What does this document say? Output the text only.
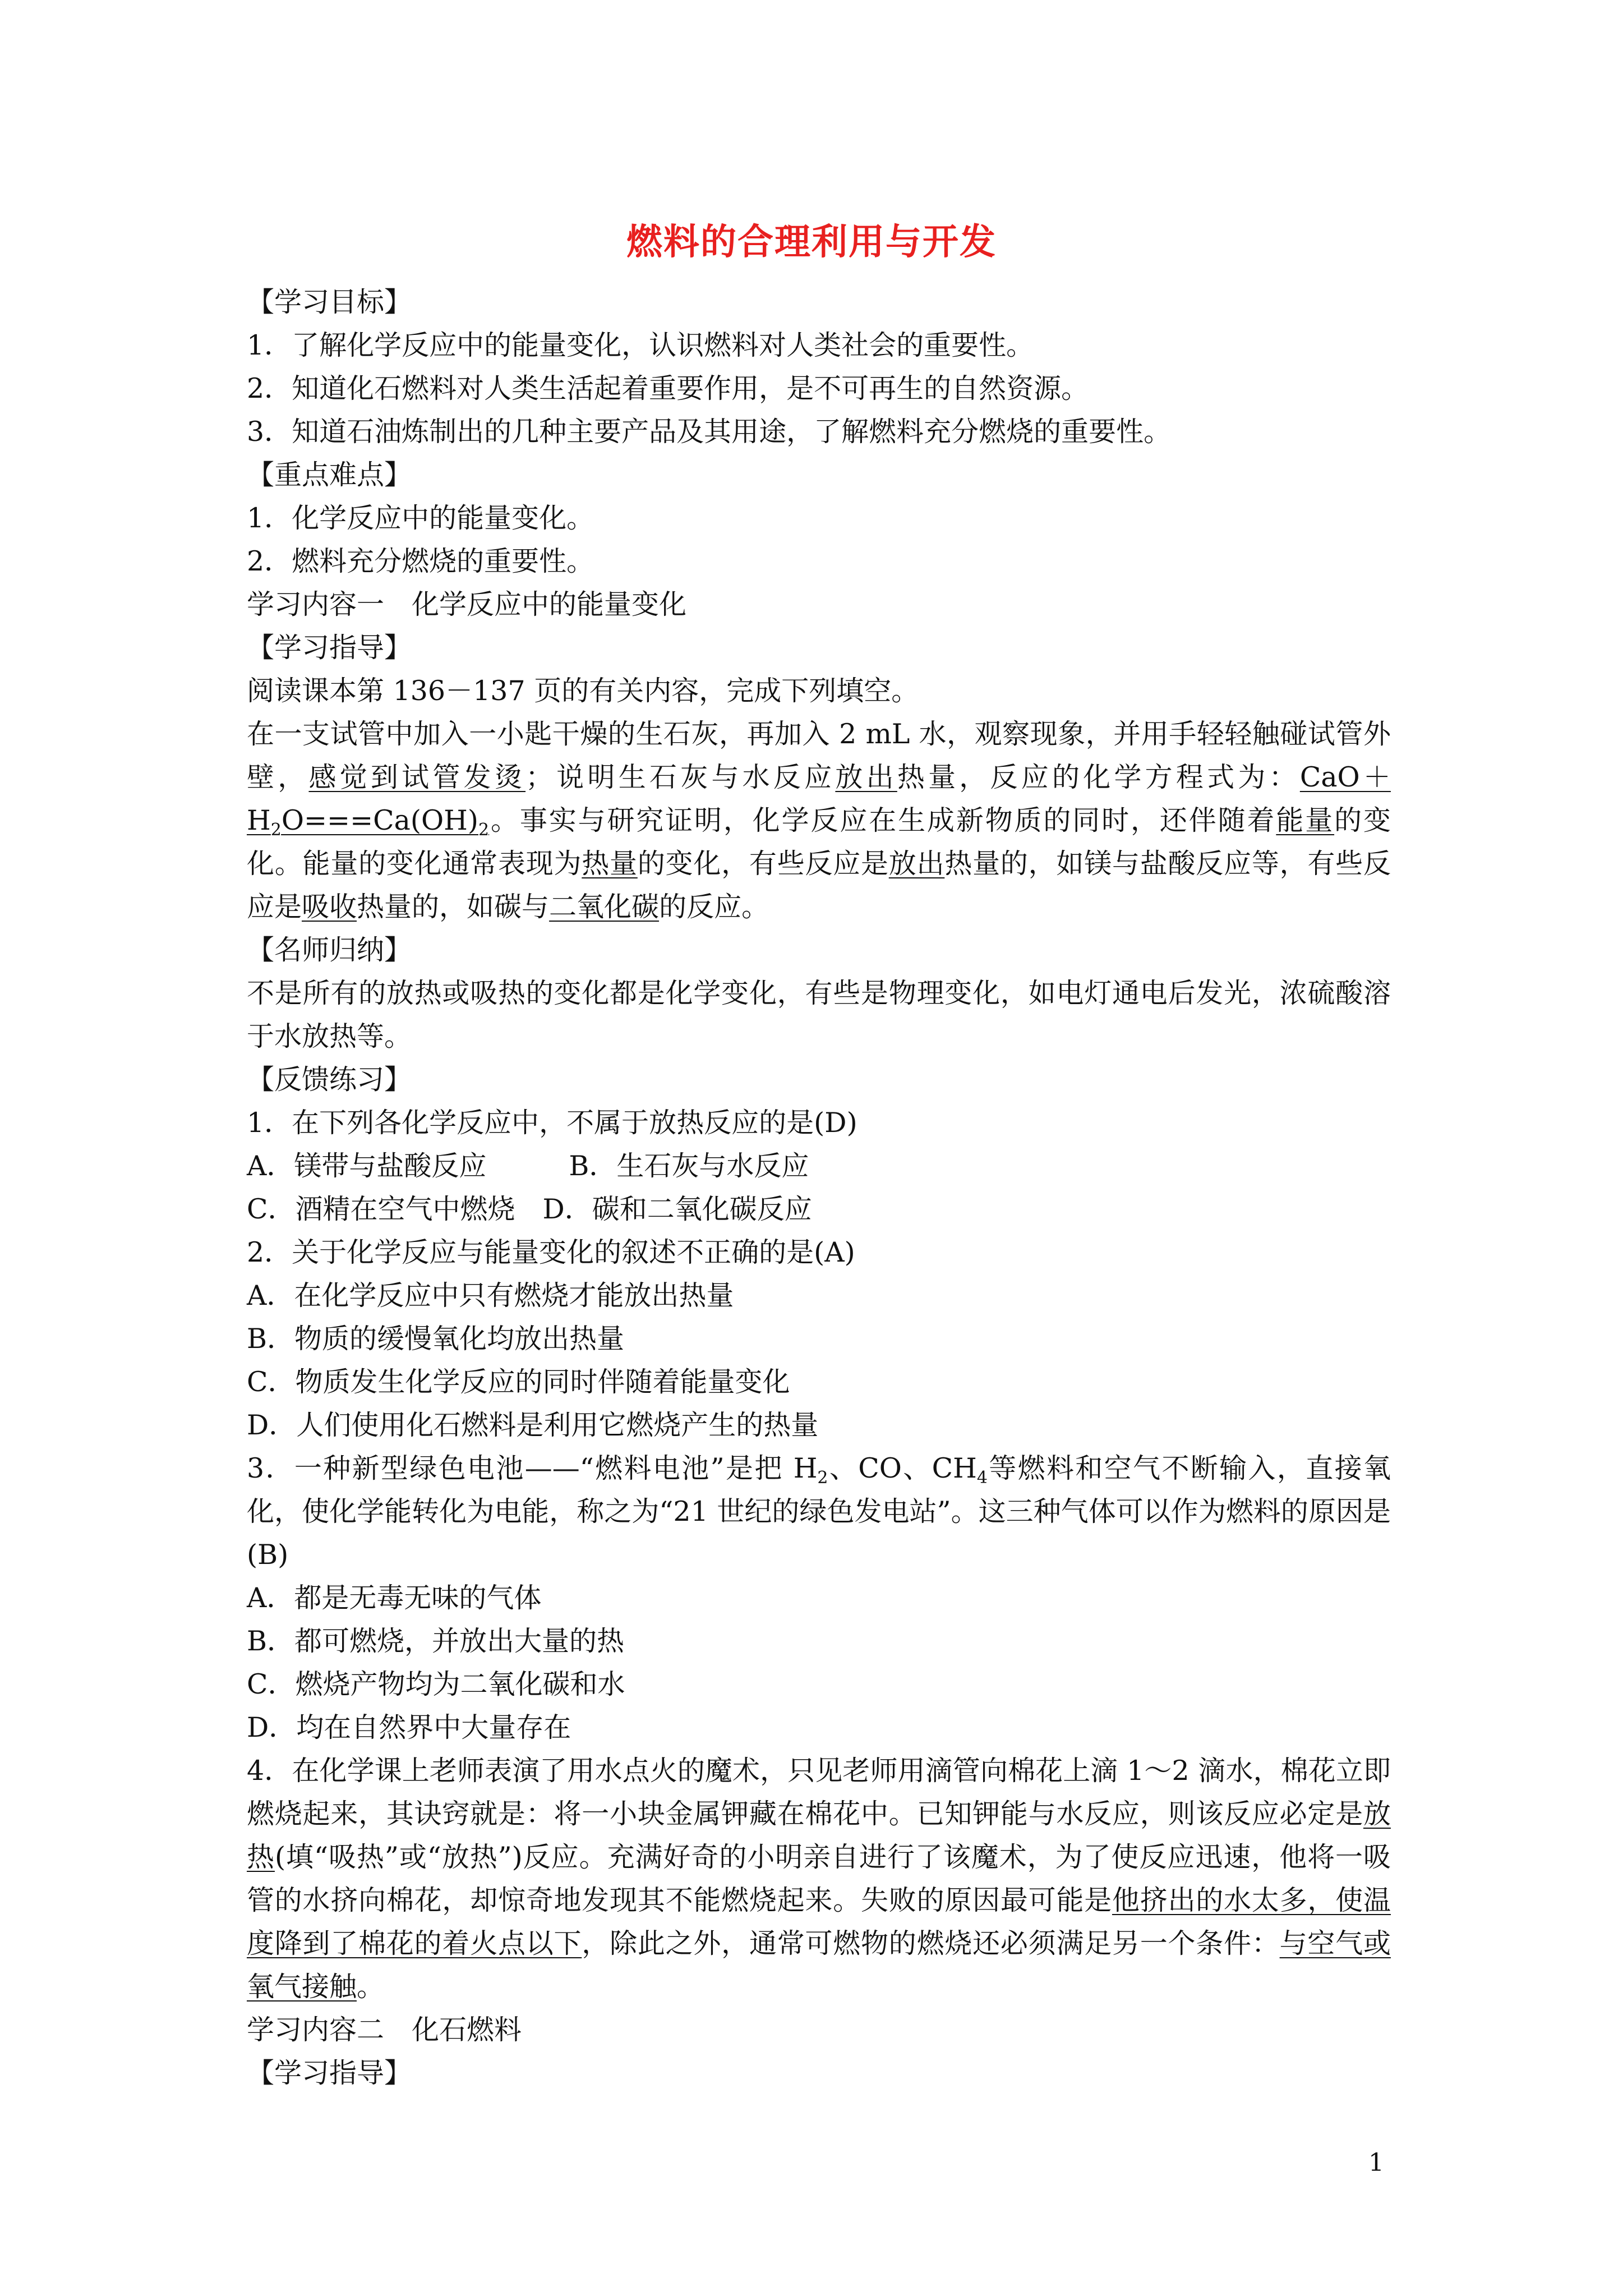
燃料的合理利用与开发
【学习目标】
1．了解化学反应中的能量变化，认识燃料对人类社会的重要性。
2．知道化石燃料对人类生活起着重要作用，是不可再生的自然资源。
3．知道石油炼制出的几种主要产品及其用途，了解燃料充分燃烧的重要性。
【重点难点】
1．化学反应中的能量变化。
2．燃料充分燃烧的重要性。
学习内容一　化学反应中的能量变化
【学习指导】
阅读课本第 136－137 页的有关内容，完成下列填空。
在一支试管中加入一小匙干燥的生石灰，再加入 2 mL 水，观察现象，并用手轻轻触碰试管外壁，感觉到试管发烫；说明生石灰与水反应放出热量，反应的化学方程式为：$CaO+H_2O===Ca(OH)_2$。事实与研究证明，化学反应在生成新物质的同时，还伴随着能量的变化。能量的变化通常表现为热量的变化，有些反应是放出热量的，如镁与盐酸反应等，有些反应是吸收热量的，如碳与二氧化碳的反应。
【名师归纳】
不是所有的放热或吸热的变化都是化学变化，有些是物理变化，如电灯通电后发光，浓硫酸溶于水放热等。
【反馈练习】
1．在下列各化学反应中，不属于放热反应的是(D)
A．镁带与盐酸反应　　　B．生石灰与水反应
C．酒精在空气中燃烧　D．碳和二氧化碳反应
2．关于化学反应与能量变化的叙述不正确的是(A)
A．在化学反应中只有燃烧才能放出热量
B．物质的缓慢氧化均放出热量
C．物质发生化学反应的同时伴随着能量变化
D．人们使用化石燃料是利用它燃烧产生的热量
3．一种新型绿色电池——“燃料电池”是把 $H_2$、CO、$CH_4$等燃料和空气不断输入，直接氧化，使化学能转化为电能，称之为“21 世纪的绿色发电站”。这三种气体可以作为燃料的原因是(B)
A．都是无毒无味的气体
B．都可燃烧，并放出大量的热
C．燃烧产物均为二氧化碳和水
D．均在自然界中大量存在
4．在化学课上老师表演了用水点火的魔术，只见老师用滴管向棉花上滴 1～2 滴水，棉花立即燃烧起来，其诀窍就是：将一小块金属钾藏在棉花中。已知钾能与水反应，则该反应必定是放热(填“吸热”或“放热”)反应。充满好奇的小明亲自进行了该魔术，为了使反应迅速，他将一吸管的水挤向棉花，却惊奇地发现其不能燃烧起来。失败的原因最可能是他挤出的水太多，使温度降到了棉花的着火点以下，除此之外，通常可燃物的燃烧还必须满足另一个条件：与空气或氧气接触。
学习内容二　化石燃料
【学习指导】
1
